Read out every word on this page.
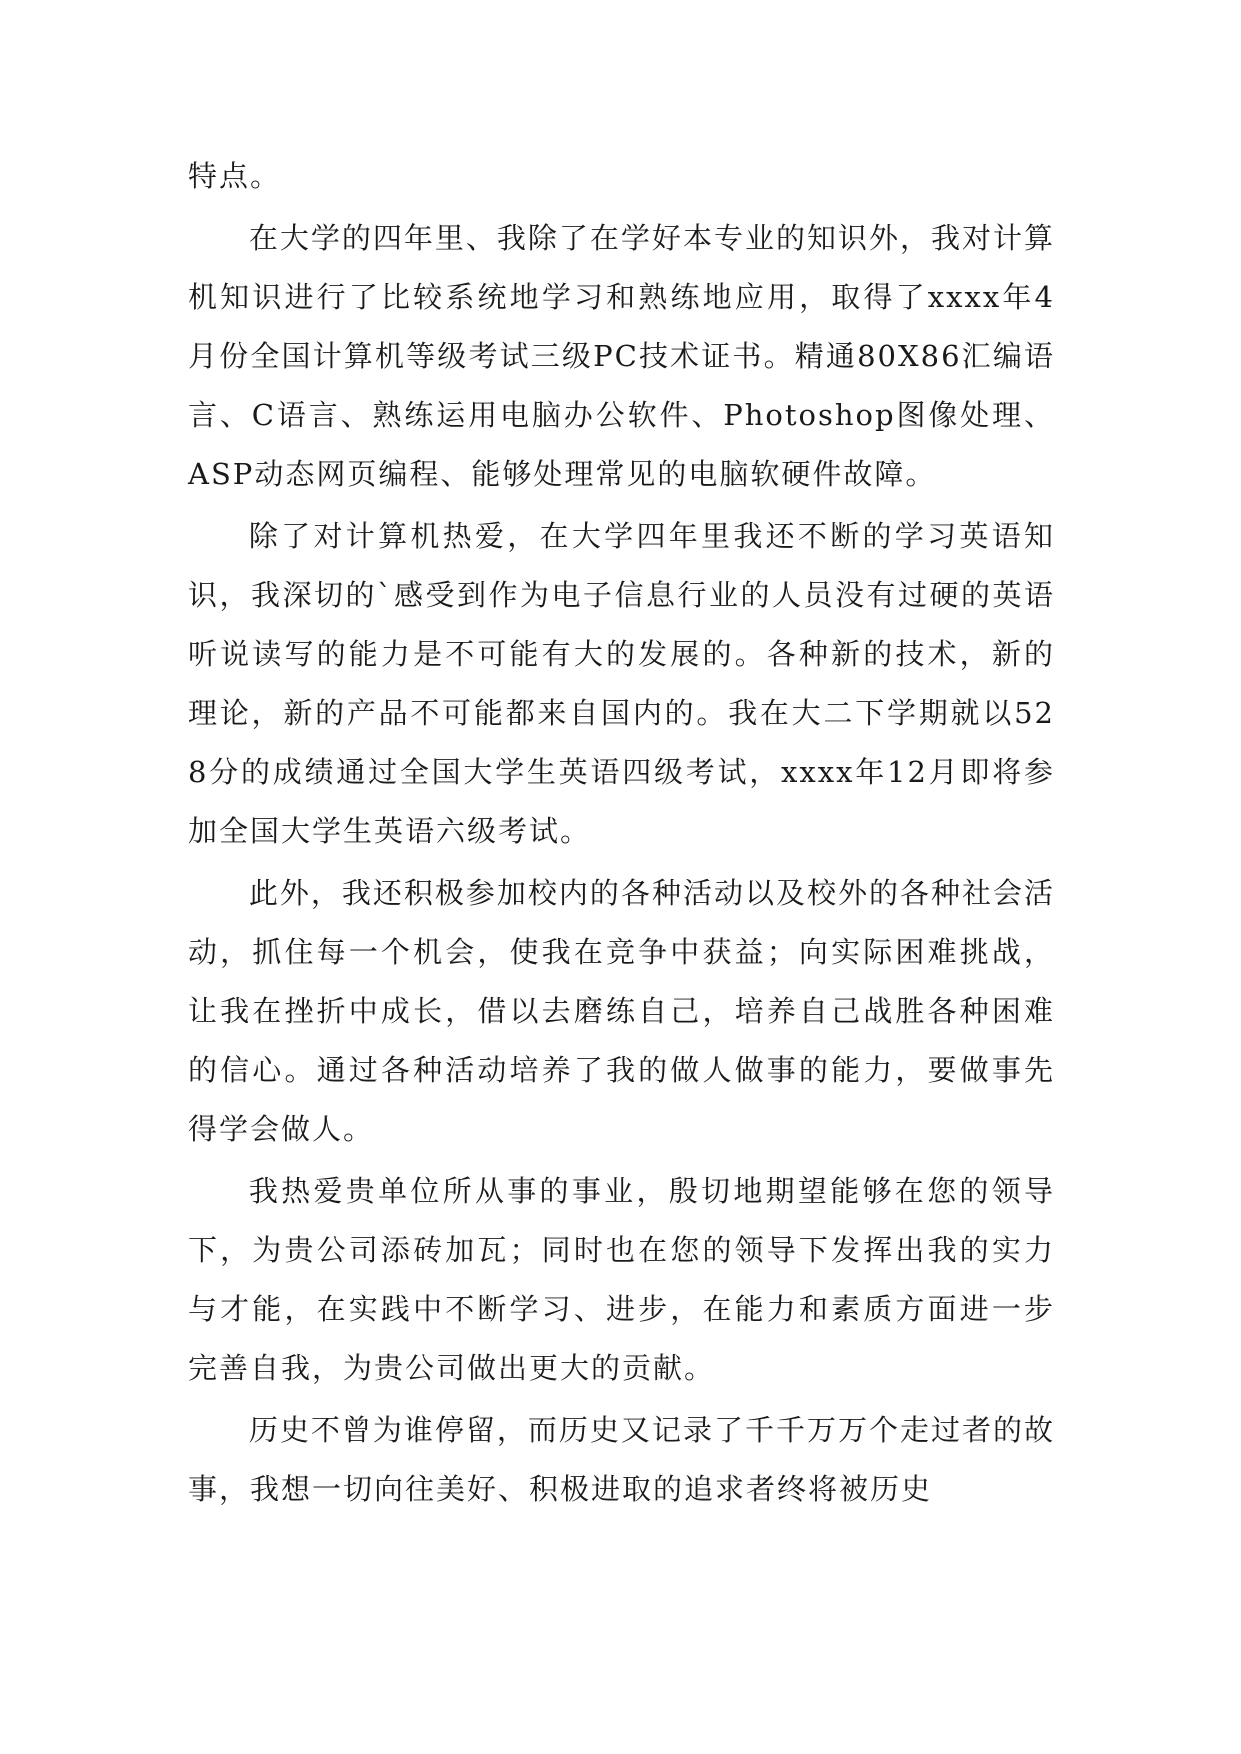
特点。

在大学的四年里、我除了在学好本专业的知识外，我对计算机知识进行了比较系统地学习和熟练地应用，取得了xxxx年4月份全国计算机等级考试三级PC技术证书。精通80X86汇编语言、C语言、熟练运用电脑办公软件、Photoshop图像处理、ASP动态网页编程、能够处理常见的电脑软硬件故障。

除了对计算机热爱，在大学四年里我还不断的学习英语知识，我深切的`感受到作为电子信息行业的人员没有过硬的英语听说读写的能力是不可能有大的发展的。各种新的技术，新的理论，新的产品不可能都来自国内的。我在大二下学期就以528分的成绩通过全国大学生英语四级考试，xxxx年12月即将参加全国大学生英语六级考试。

此外，我还积极参加校内的各种活动以及校外的各种社会活动，抓住每一个机会，使我在竞争中获益；向实际困难挑战，让我在挫折中成长，借以去磨练自己，培养自己战胜各种困难的信心。通过各种活动培养了我的做人做事的能力，要做事先得学会做人。

我热爱贵单位所从事的事业，殷切地期望能够在您的领导下，为贵公司添砖加瓦；同时也在您的领导下发挥出我的实力与才能，在实践中不断学习、进步，在能力和素质方面进一步完善自我，为贵公司做出更大的贡献。

历史不曾为谁停留，而历史又记录了千千万万个走过者的故事，我想一切向往美好、积极进取的追求者终将被历史
